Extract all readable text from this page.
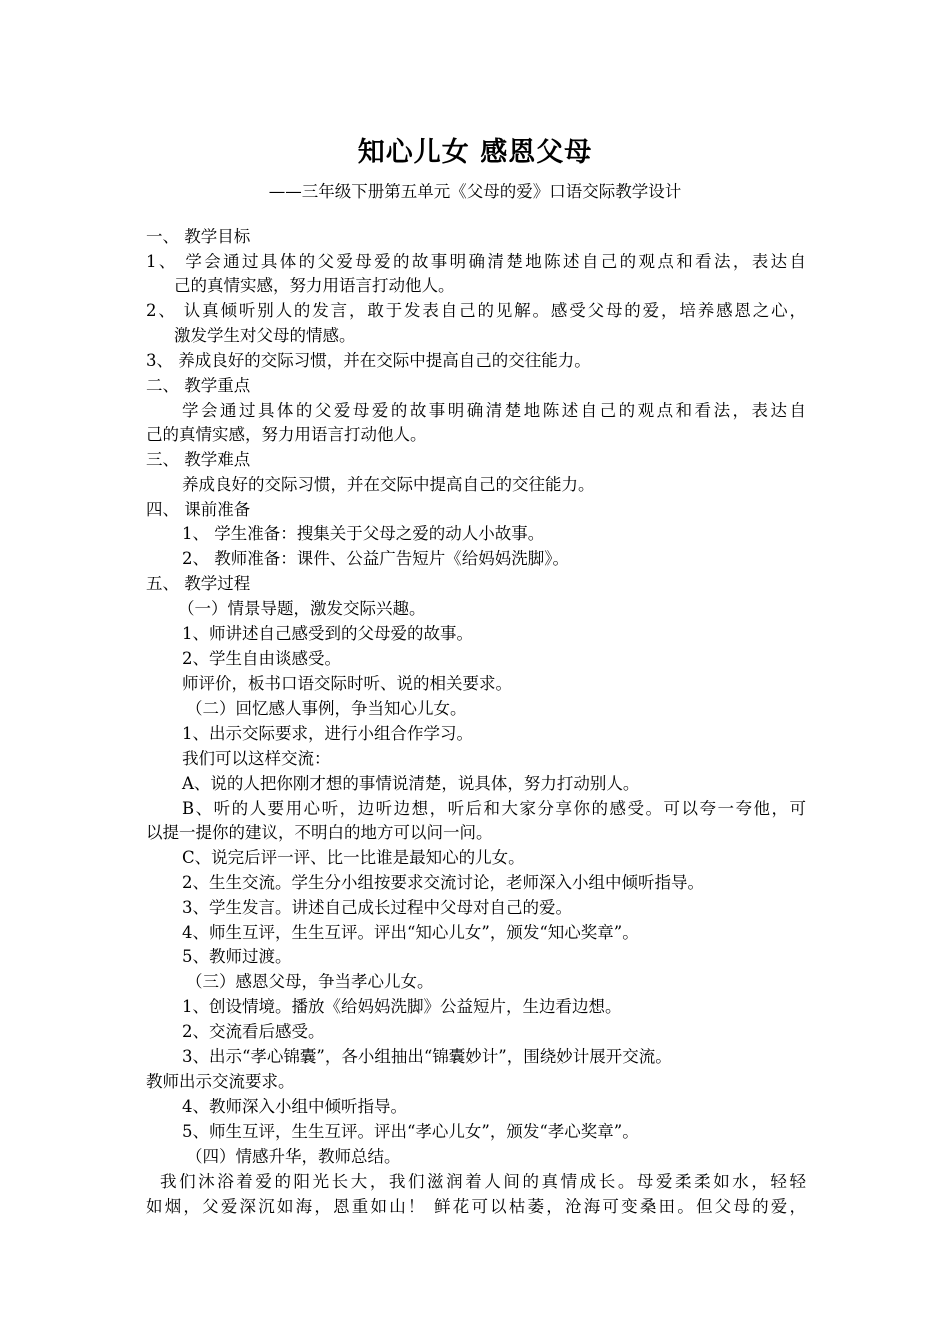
知心儿女 感恩父母
——三年级下册第五单元《父母的爱》口语交际教学设计
一、 教学目标
1、 学会通过具体的父爱母爱的故事明确清楚地陈述自己的观点和看法，表达自
己的真情实感，努力用语言打动他人。
2、 认真倾听别人的发言，敢于发表自己的见解。感受父母的爱，培养感恩之心，
激发学生对父母的情感。
3、 养成良好的交际习惯，并在交际中提高自己的交往能力。
二、 教学重点
学会通过具体的父爱母爱的故事明确清楚地陈述自己的观点和看法，表达自
己的真情实感，努力用语言打动他人。
三、 教学难点
养成良好的交际习惯，并在交际中提高自己的交往能力。
四、 课前准备
1、 学生准备：搜集关于父母之爱的动人小故事。
2、 教师准备：课件、公益广告短片《给妈妈洗脚》。
五、 教学过程
（一）情景导题，激发交际兴趣。
1、师讲述自己感受到的父母爱的故事。
2、学生自由谈感受。
师评价，板书口语交际时听、说的相关要求。
（二）回忆感人事例，争当知心儿女。
1、出示交际要求，进行小组合作学习。
我们可以这样交流：
A、说的人把你刚才想的事情说清楚，说具体，努力打动别人。
B、听的人要用心听，边听边想，听后和大家分享你的感受。可以夸一夸他，可
以提一提你的建议，不明白的地方可以问一问。
C、说完后评一评、比一比谁是最知心的儿女。
2、生生交流。学生分小组按要求交流讨论，老师深入小组中倾听指导。
3、学生发言。讲述自己成长过程中父母对自己的爱。
4、师生互评，生生互评。评出“知心儿女”，颁发“知心奖章”。
5、教师过渡。
（三）感恩父母，争当孝心儿女。
1、创设情境。播放《给妈妈洗脚》公益短片，生边看边想。
2、交流看后感受。
3、出示“孝心锦囊”，各小组抽出“锦囊妙计”，围绕妙计展开交流。
教师出示交流要求。
4、教师深入小组中倾听指导。
5、师生互评，生生互评。评出“孝心儿女”，颁发“孝心奖章”。
（四）情感升华，教师总结。
我们沐浴着爱的阳光长大，我们滋润着人间的真情成长。母爱柔柔如水，轻轻
如烟，父爱深沉如海，恩重如山！ 鲜花可以枯萎，沧海可变桑田。但父母的爱，
